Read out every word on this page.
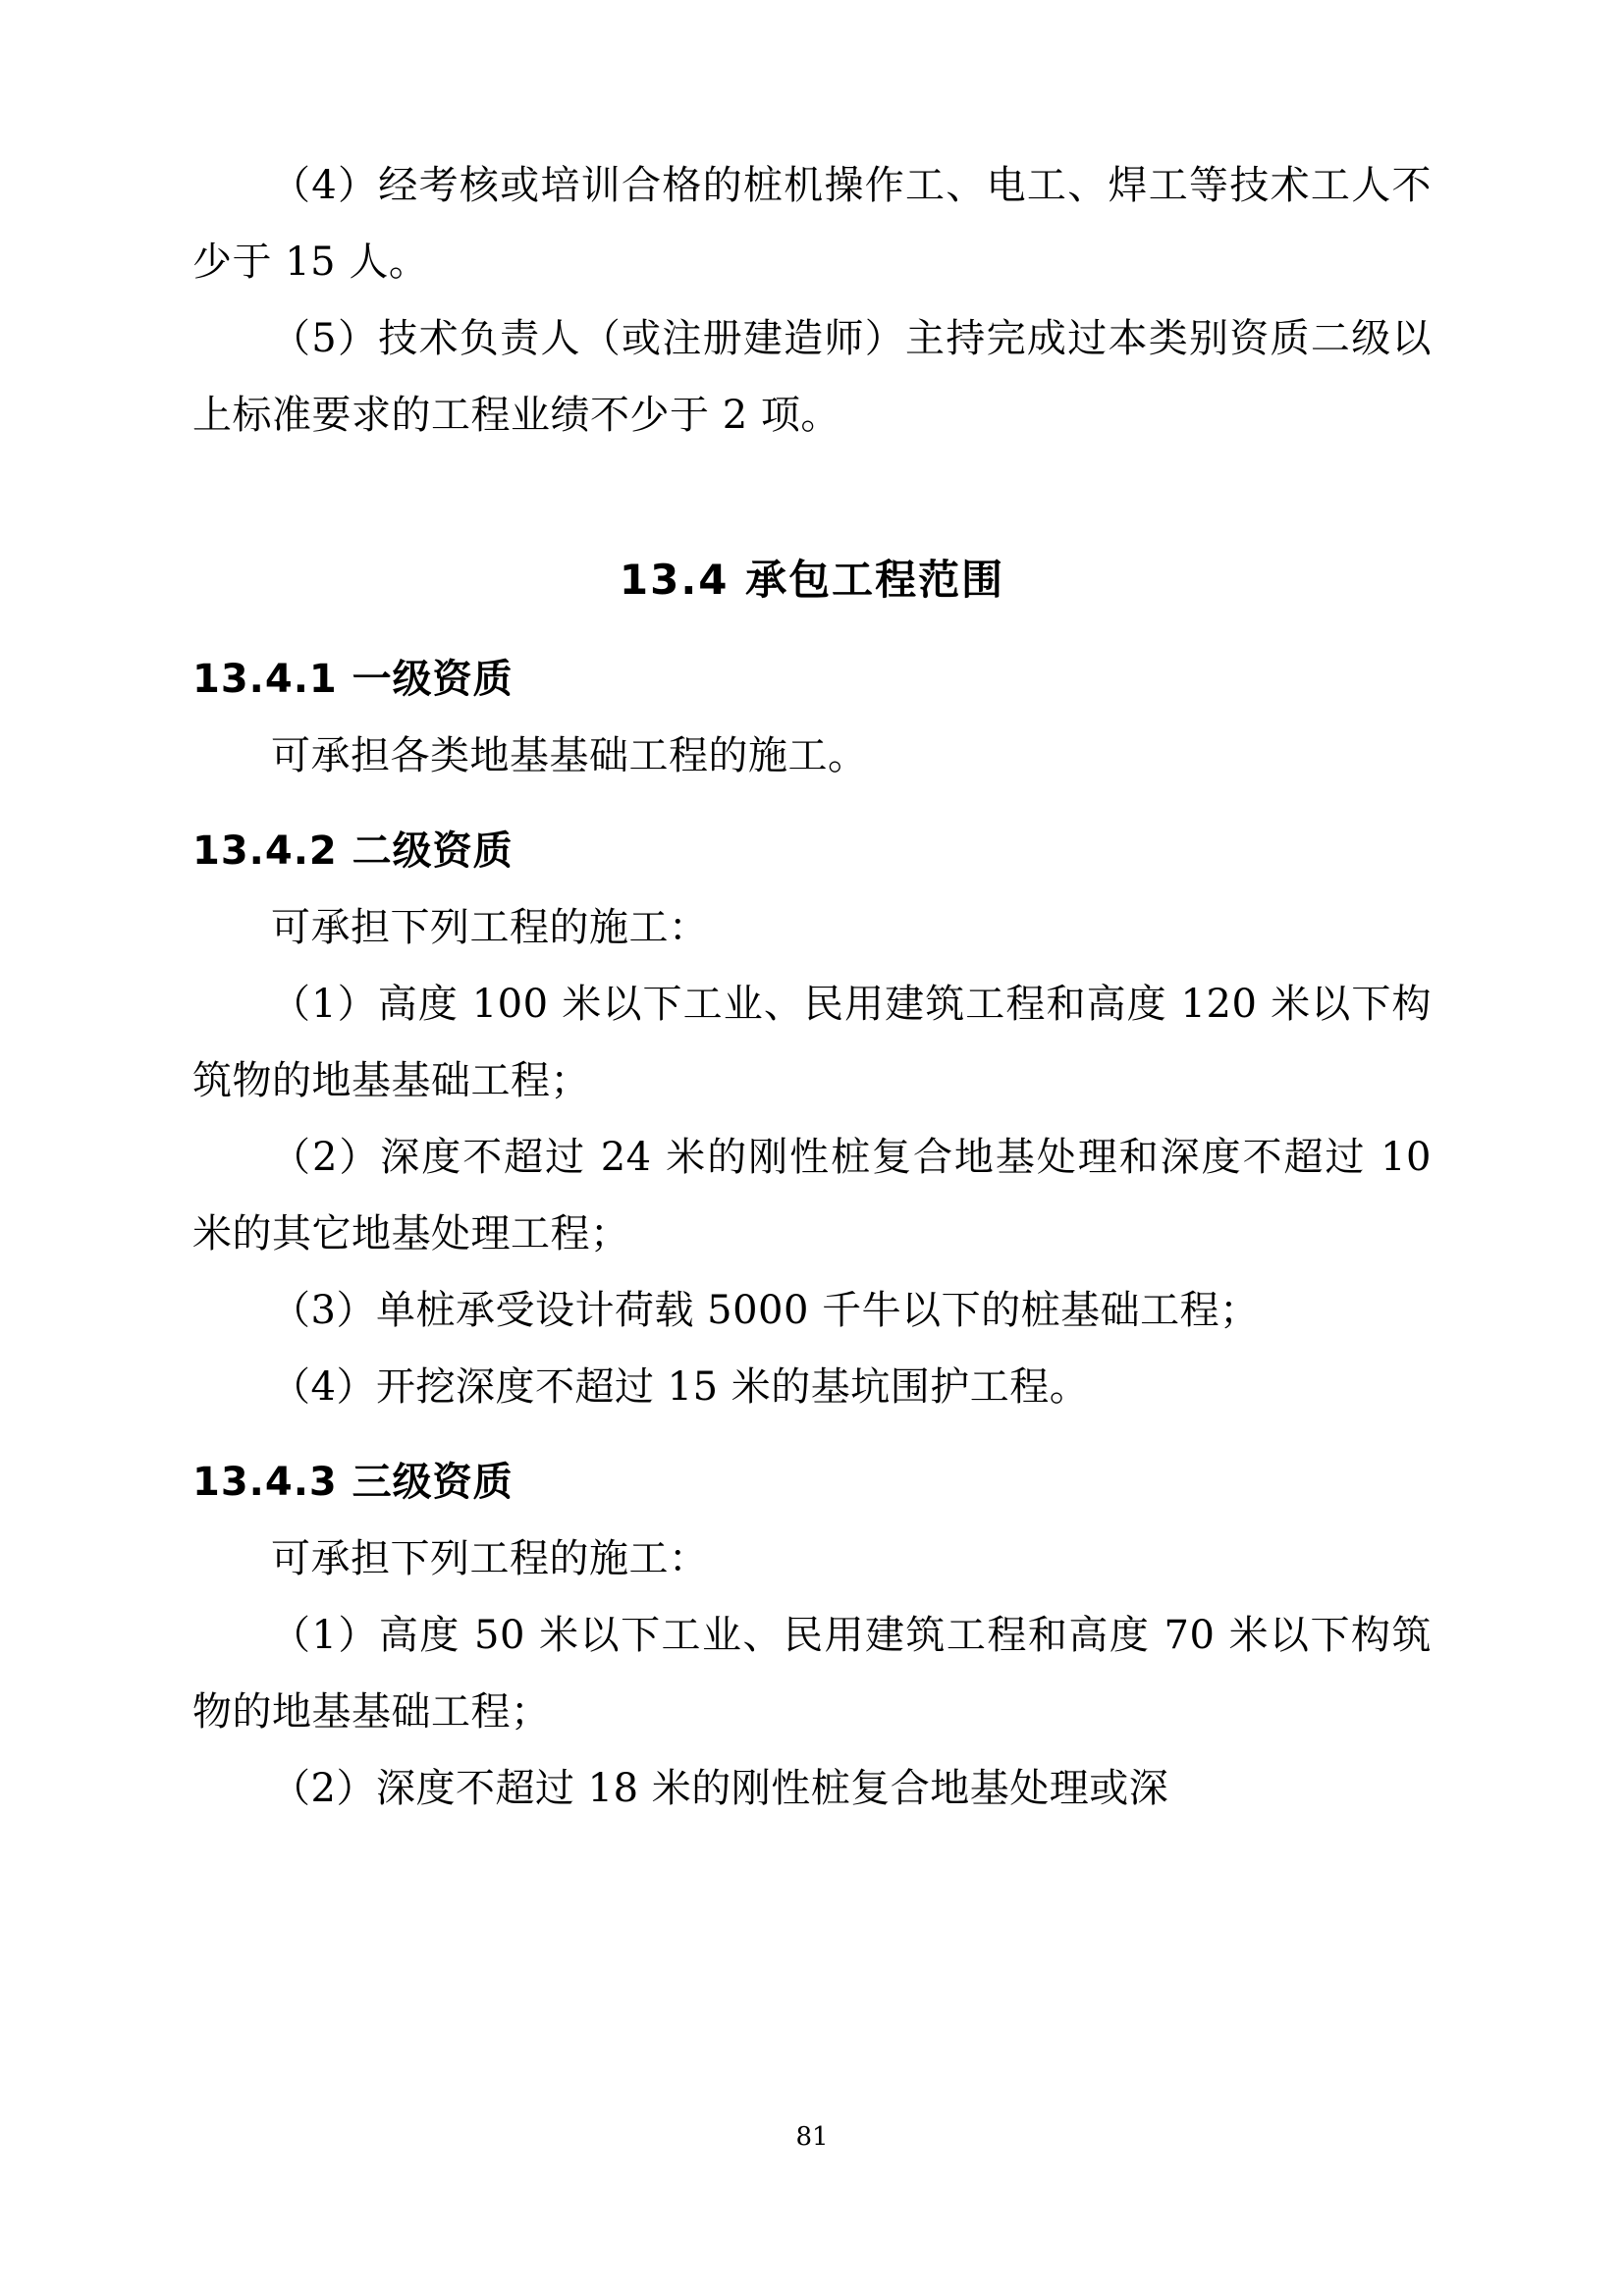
（4）经考核或培训合格的桩机操作工、电工、焊工等技术工人不少于 15 人。

（5）技术负责人（或注册建造师）主持完成过本类别资质二级以上标准要求的工程业绩不少于 2 项。

13.4 承包工程范围
13.4.1 一级资质

可承担各类地基基础工程的施工。

13.4.2 二级资质

可承担下列工程的施工：

（1）高度 100 米以下工业、民用建筑工程和高度 120 米以下构筑物的地基基础工程；

（2）深度不超过 24 米的刚性桩复合地基处理和深度不超过 10 米的其它地基处理工程；

（3）单桩承受设计荷载 5000 千牛以下的桩基础工程；

（4）开挖深度不超过 15 米的基坑围护工程。

13.4.3 三级资质

可承担下列工程的施工：

（1）高度 50 米以下工业、民用建筑工程和高度 70 米以下构筑物的地基基础工程；

（2）深度不超过 18 米的刚性桩复合地基处理或深

81
